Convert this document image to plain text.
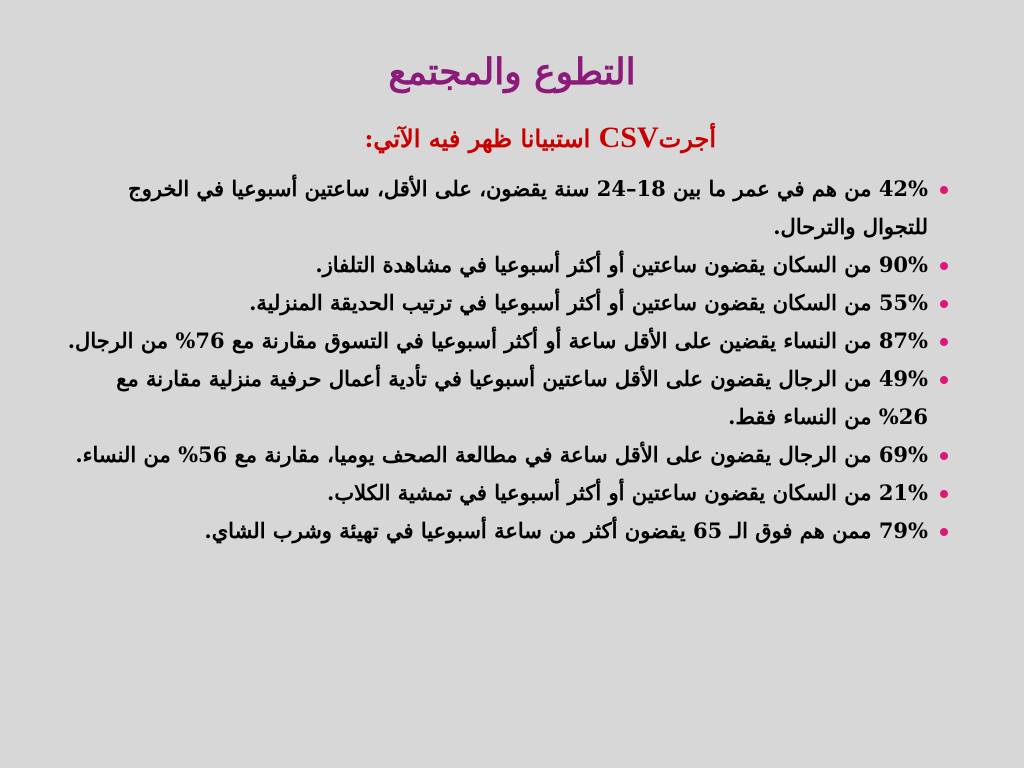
التطوع والمجتمع
أجرتCSV استبيانا ظهر فيه الآتي:
42% من هم في عمر ما بين 18–24 سنة يقضون، على الأقل، ساعتين أسبوعيا في الخروج للتجوال والترحال.
90% من السكان يقضون ساعتين أو أكثر أسبوعيا في مشاهدة التلفاز.
55% من السكان يقضون ساعتين أو أكثر أسبوعيا في ترتيب الحديقة المنزلية.
87% من النساء يقضين على الأقل ساعة أو أكثر أسبوعيا في التسوق مقارنة مع 76% من الرجال.
49% من الرجال يقضون على الأقل ساعتين أسبوعيا في تأدية أعمال حرفية منزلية مقارنة مع 26% من النساء فقط.
69% من الرجال يقضون على الأقل ساعة في مطالعة الصحف يوميا، مقارنة مع 56% من النساء.
21% من السكان يقضون ساعتين أو أكثر أسبوعيا في تمشية الكلاب.
79% ممن هم فوق الـ 65 يقضون أكثر من ساعة أسبوعيا في تهيئة وشرب الشاي.
